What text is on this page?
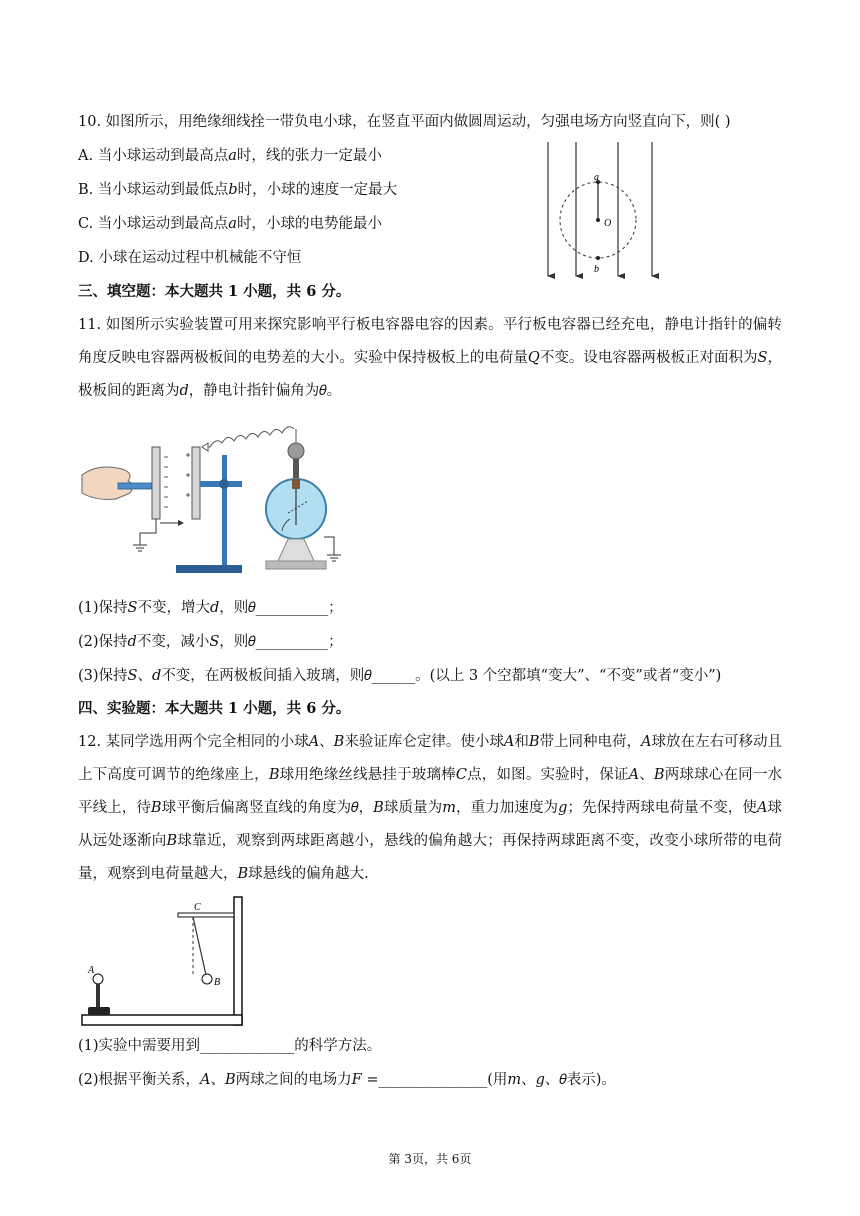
10. 如图所示，用绝缘细线拴一带负电小球，在竖直平面内做圆周运动，匀强电场方向竖直向下，则( )
A. 当小球运动到最高点𝑎时，线的张力一定最小
B. 当小球运动到最低点𝑏时，小球的速度一定最大
C. 当小球运动到最高点𝑎时，小球的电势能最小
D. 小球在运动过程中机械能不守恒
a
O
b
三、填空题：本大题共 1 小题，共 6 分。
11. 如图所示实验装置可用来探究影响平行板电容器电容的因素。平行板电容器已经充电，静电计指针的偏转角度反映电容器两极板间的电势差的大小。实验中保持极板上的电荷量𝑄不变。设电容器两极板正对面积为𝑆，极板间的距离为𝑑，静电计指针偏角为𝜃。
(1)保持𝑆不变，增大𝑑，则𝜃__________；
(2)保持𝑑不变，减小𝑆，则𝜃__________；
(3)保持𝑆、𝑑不变，在两极板间插入玻璃，则𝜃______。(以上 3 个空都填“变大”、“不变”或者“变小”)
四、实验题：本大题共 1 小题，共 6 分。
12. 某同学选用两个完全相同的小球𝐴、𝐵来验证库仑定律。使小球𝐴和𝐵带上同种电荷，𝐴球放在左右可移动且上下高度可调节的绝缘座上，𝐵球用绝缘丝线悬挂于玻璃棒𝐶点，如图。实验时，保证𝐴、𝐵两球球心在同一水平线上，待𝐵球平衡后偏离竖直线的角度为𝜃，𝐵球质量为𝑚，重力加速度为𝑔；先保持两球电荷量不变，使𝐴球从远处逐渐向𝐵球靠近，观察到两球距离越小，悬线的偏角越大；再保持两球距离不变，改变小球所带的电荷量，观察到电荷量越大，𝐵球悬线的偏角越大.
C
B
A
(1)实验中需要用到_____________的科学方法。
(2)根据平衡关系，𝐴、𝐵两球之间的电场力𝐹 =_______________(用𝑚、𝑔、𝜃表示)。
第 3页，共 6页
